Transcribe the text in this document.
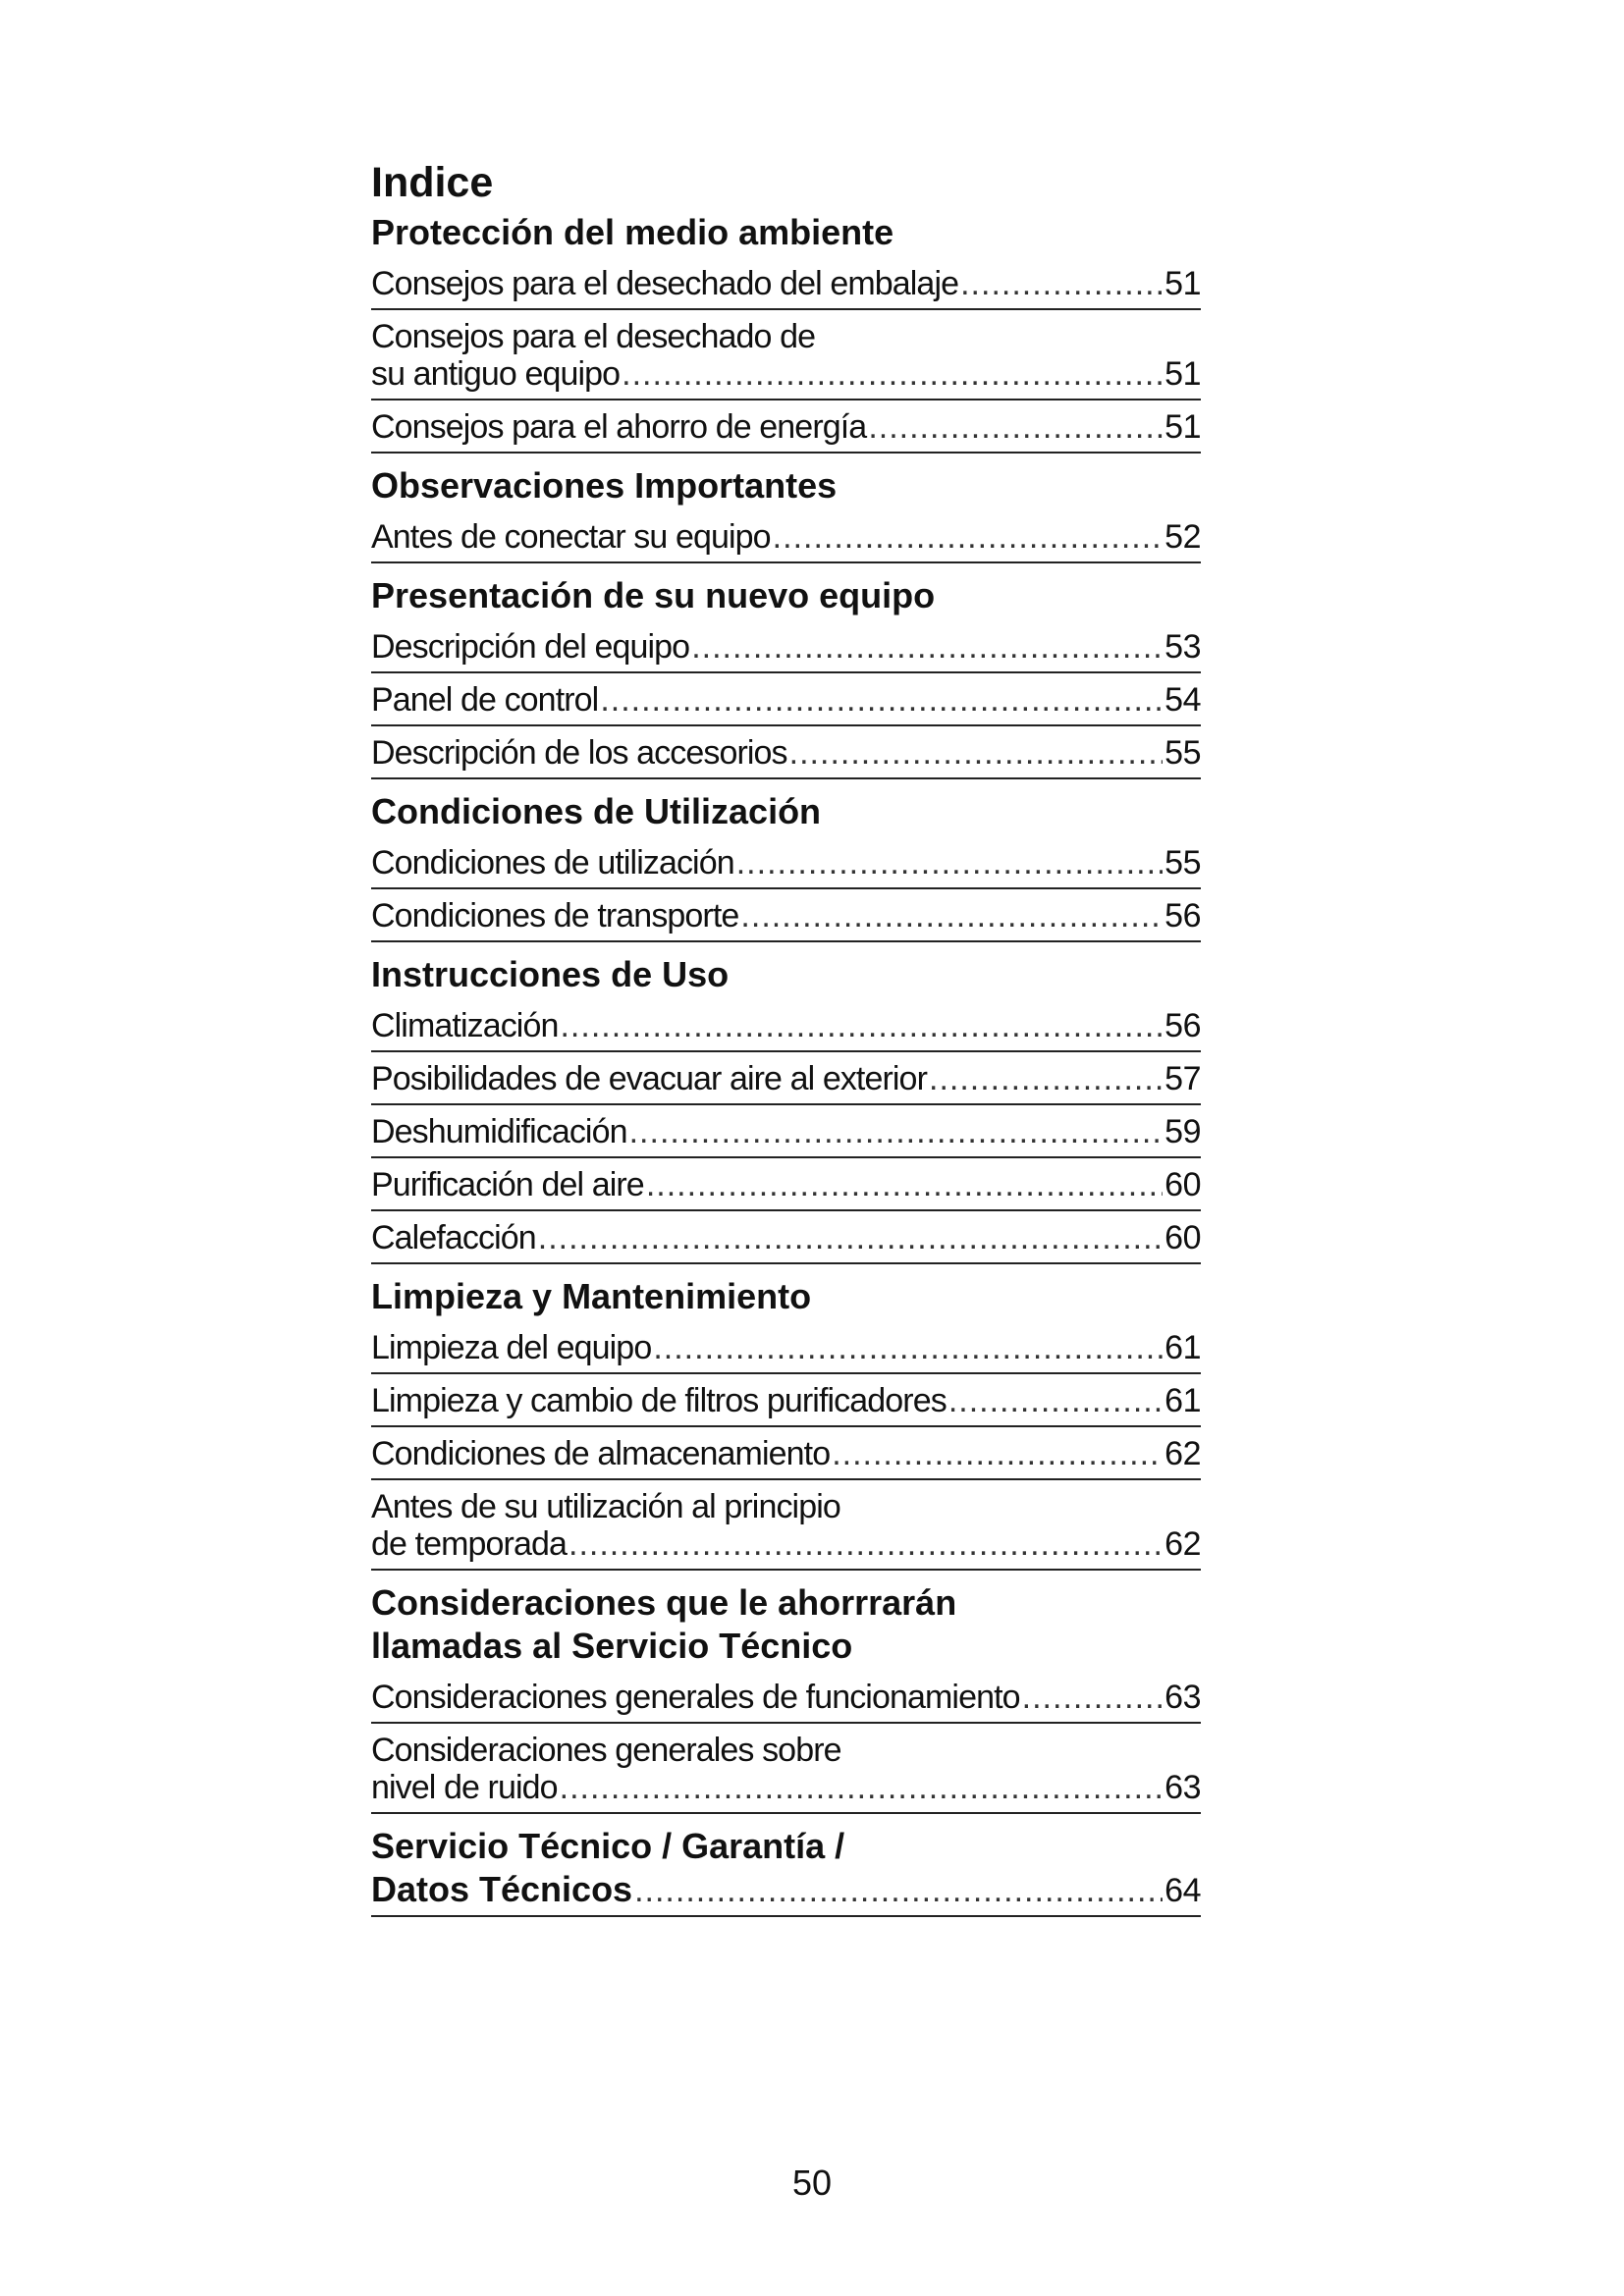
Indice
Protección del medio ambiente
Consejos para el desechado del embalaje .....	51
Consejos para el desechado de
su antiguo equipo .....	51
Consejos para el ahorro de energía .....	51
Observaciones Importantes
Antes de conectar su equipo .....	52
Presentación de su nuevo equipo
Descripción del equipo .....	53
Panel de control .....	54
Descripción de los accesorios .....	55
Condiciones de Utilización
Condiciones de utilización .....	55
Condiciones de transporte .....	56
Instrucciones de Uso
Climatización .....	56
Posibilidades de evacuar aire al exterior .....	57
Deshumidificación .....	59
Purificación del aire .....	60
Calefacción .....	60
Limpieza y Mantenimiento
Limpieza del equipo .....	61
Limpieza y cambio de filtros purificadores .....	61
Condiciones de almacenamiento .....	62
Antes de su utilización al principio
de temporada .....	62
Consideraciones que le ahorrrarán
llamadas al Servicio Técnico
Consideraciones generales de funcionamiento .....	63
Consideraciones generales sobre
nivel de ruido .....	63
Servicio Técnico / Garantía /
Datos Técnicos .....	64
50
